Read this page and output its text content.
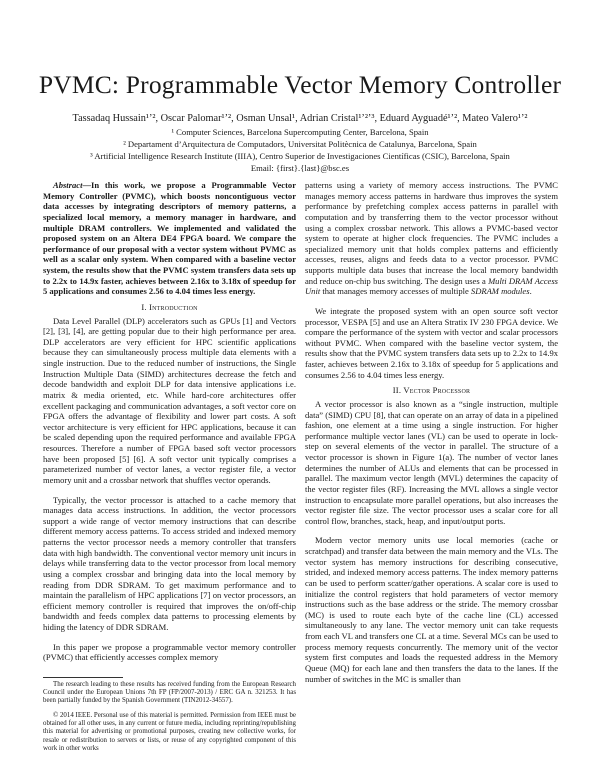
PVMC: Programmable Vector Memory Controller
Tassadaq Hussain¹ʼ², Oscar Palomar¹ʼ², Osman Unsal¹, Adrian Cristal¹ʼ²ʼ³, Eduard Ayguadé¹ʼ², Mateo Valero¹ʼ²
¹ Computer Sciences, Barcelona Supercomputing Center, Barcelona, Spain
² Departament d’Arquitectura de Computadors, Universitat Politècnica de Catalunya, Barcelona, Spain
³ Artificial Intelligence Research Institute (IIIA), Centro Superior de Investigaciones Científicas (CSIC), Barcelona, Spain
Email: {first}.{last}@bsc.es

Abstract—In this work, we propose a Programmable Vector Memory Controller (PVMC), which boosts noncontiguous vector data accesses by integrating descriptors of memory patterns, a specialized local memory, a memory manager in hardware, and multiple DRAM controllers. We implemented and validated the proposed system on an Altera DE4 FPGA board. We compare the performance of our proposal with a vector system without PVMC as well as a scalar only system. When compared with a baseline vector system, the results show that the PVMC system transfers data sets up to 2.2x to 14.9x faster, achieves between 2.16x to 3.18x of speedup for 5 applications and consumes 2.56 to 4.04 times less energy.

I. Introduction

Data Level Parallel (DLP) accelerators such as GPUs [1] and Vectors [2], [3], [4], are getting popular due to their high performance per area. DLP accelerators are very efficient for HPC scientific applications because they can simultaneously process multiple data elements with a single instruction. Due to the reduced number of instructions, the Single Instruction Multiple Data (SIMD) architectures decrease the fetch and decode bandwidth and exploit DLP for data intensive applications i.e. matrix & media oriented, etc. While hard-core architectures offer excellent packaging and communication advantages, a soft vector core on FPGA offers the advantage of flexibility and lower part costs. A soft vector architecture is very efficient for HPC applications, because it can be scaled depending upon the required performance and available FPGA resources. Therefore a number of FPGA based soft vector processors have been proposed [5] [6]. A soft vector unit typically comprises a parameterized number of vector lanes, a vector register file, a vector memory unit and a crossbar network that shuffles vector operands.

Typically, the vector processor is attached to a cache memory that manages data access instructions. In addition, the vector processors support a wide range of vector memory instructions that can describe different memory access patterns. To access strided and indexed memory patterns the vector processor needs a memory controller that transfers data with high bandwidth. The conventional vector memory unit incurs in delays while transferring data to the vector processor from local memory using a complex crossbar and bringing data into the local memory by reading from DDR SDRAM. To get maximum performance and to maintain the parallelism of HPC applications [7] on vector processors, an efficient memory controller is required that improves the on/off-chip bandwidth and feeds complex data patterns to processing elements by hiding the latency of DDR SDRAM.

In this paper we propose a programmable vector memory controller (PVMC) that efficiently accesses complex memory

The research leading to these results has received funding from the European Research Council under the European Unions 7th FP (FP/2007-2013) / ERC GA n. 321253. It has been partially funded by the Spanish Government (TIN2012-34557).

© 2014 IEEE. Personal use of this material is permitted. Permission from IEEE must be obtained for all other uses, in any current or future media, including reprinting/republishing this material for advertising or promotional purposes, creating new collective works, for resale or redistribution to servers or lists, or reuse of any copyrighted component of this work in other works

patterns using a variety of memory access instructions. The PVMC manages memory access patterns in hardware thus improves the system performance by prefetching complex access patterns in parallel with computation and by transferring them to the vector processor without using a complex crossbar network. This allows a PVMC-based vector system to operate at higher clock frequencies. The PVMC includes a specialized memory unit that holds complex patterns and efficiently accesses, reuses, aligns and feeds data to a vector processor. PVMC supports multiple data buses that increase the local memory bandwidth and reduce on-chip bus switching. The design uses a Multi DRAM Access Unit that manages memory accesses of multiple SDRAM modules.

We integrate the proposed system with an open source soft vector processor, VESPA [5] and use an Altera Stratix IV 230 FPGA device. We compare the performance of the system with vector and scalar processors without PVMC. When compared with the baseline vector system, the results show that the PVMC system transfers data sets up to 2.2x to 14.9x faster, achieves between 2.16x to 3.18x of speedup for 5 applications and consumes 2.56 to 4.04 times less energy.

II. Vector Processor

A vector processor is also known as a “single instruction, multiple data” (SIMD) CPU [8], that can operate on an array of data in a pipelined fashion, one element at a time using a single instruction. For higher performance multiple vector lanes (VL) can be used to operate in lock-step on several elements of the vector in parallel. The structure of a vector processor is shown in Figure 1(a). The number of vector lanes determines the number of ALUs and elements that can be processed in parallel. The maximum vector length (MVL) determines the capacity of the vector register files (RF). Increasing the MVL allows a single vector instruction to encapsulate more parallel operations, but also increases the vector register file size. The vector processor uses a scalar core for all control flow, branches, stack, heap, and input/output ports.

Modern vector memory units use local memories (cache or scratchpad) and transfer data between the main memory and the VLs. The vector system has memory instructions for describing consecutive, strided, and indexed memory access patterns. The index memory patterns can be used to perform scatter/gather operations. A scalar core is used to initialize the control registers that hold parameters of vector memory instructions such as the base address or the stride. The memory crossbar (MC) is used to route each byte of the cache line (CL) accessed simultaneously to any lane. The vector memory unit can take requests from each VL and transfers one CL at a time. Several MCs can be used to process memory requests concurrently. The memory unit of the vector system first computes and loads the requested address in the Memory Queue (MQ) for each lane and then transfers the data to the lanes. If the number of switches in the MC is smaller than
